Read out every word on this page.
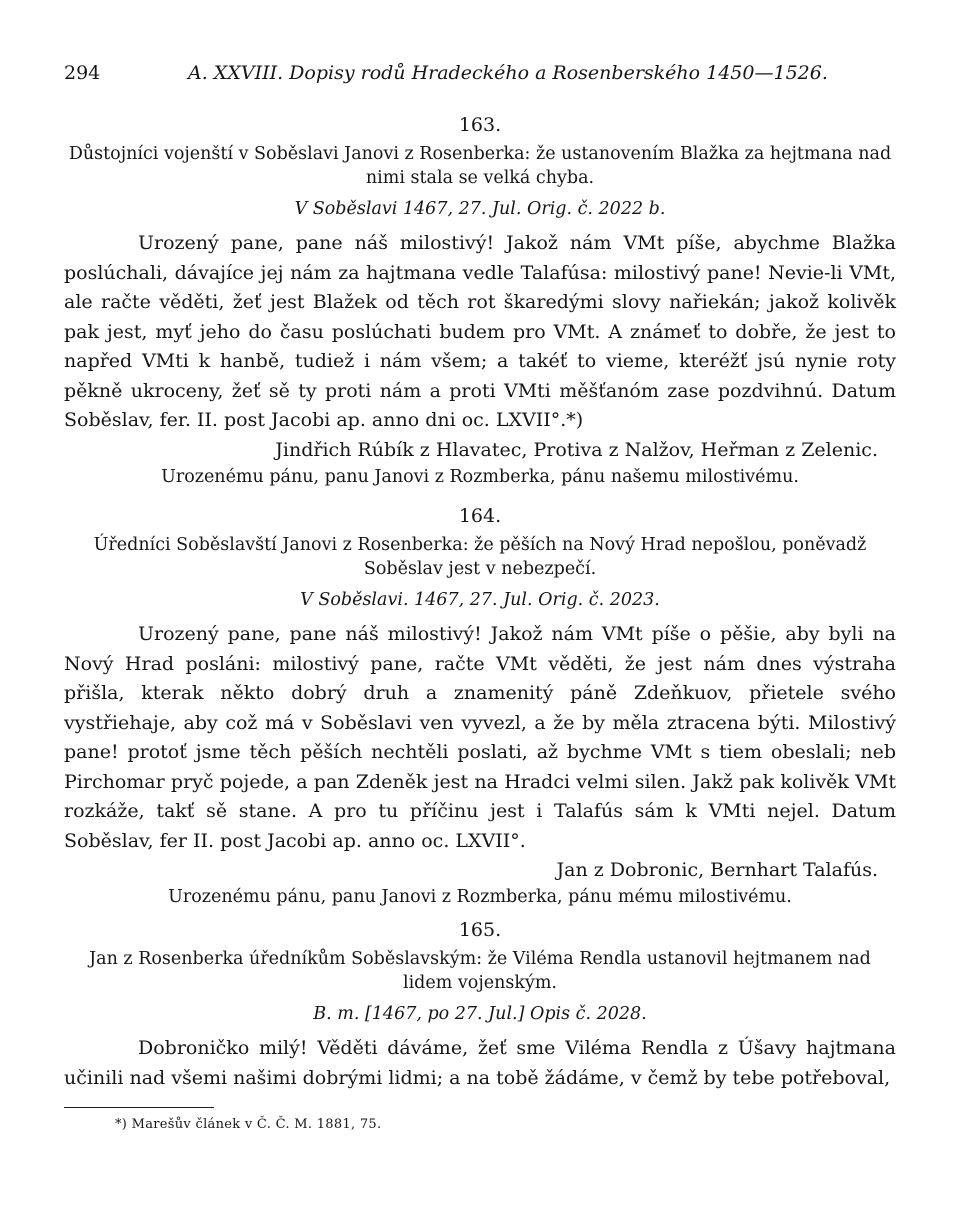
294	A. XXVIII. Dopisy rodů Hradeckého a Rosenberského 1450—1526.
163.
Důstojníci vojenští v Soběslavi Janovi z Rosenberka: že ustanovením Blažka za hejtmana nad nimi stala se velká chyba.
V Soběslavi 1467, 27. Jul. Orig. č. 2022 b.
Urozený pane, pane náš milostivý! Jakož nám VMt píše, abychme Blažka poslúchali, dávajíce jej nám za hajtmana vedle Talafúsa: milostivý pane! Nevie-li VMt, ale račte věděti, žeť jest Blažek od těch rot škaredými slovy nařiekán; jakož kolivěk pak jest, myť jeho do času poslúchati budem pro VMt. A známeť to dobře, že jest to napřed VMti k hanbě, tudiež i nám všem; a takéť to vieme, kteréžť jsú nynie roty pěkně ukroceny, žeť sě ty proti nám a proti VMti měšťanóm zase pozdvihnú. Datum Soběslav, fer. II. post Jacobi ap. anno dni oc. LXVII°.*)
Jindřich Rúbík z Hlavatec, Protiva z Nalžov, Heřman z Zelenic.
Urozenému pánu, panu Janovi z Rozmberka, pánu našemu milostivému.
164.
Úředníci Soběslavští Janovi z Rosenberka: že pěších na Nový Hrad nepošlou, poněvadž Soběslav jest v nebezpečí.
V Soběslavi. 1467, 27. Jul. Orig. č. 2023.
Urozený pane, pane náš milostivý! Jakož nám VMt píše o pěšie, aby byli na Nový Hrad posláni: milostivý pane, račte VMt věděti, že jest nám dnes výstraha přišla, kterak někto dobrý druh a znamenitý páně Zdeňkuov, přietele svého vystřiehaje, aby což má v Soběslavi ven vyvezl, a že by měla ztracena býti. Milostivý pane! protoť jsme těch pěších nechtěli poslati, až bychme VMt s tiem obeslali; neb Pirchomar pryč pojede, a pan Zdeněk jest na Hradci velmi silen. Jakž pak kolivěk VMt rozkáže, takť sě stane. A pro tu příčinu jest i Talafús sám k VMti nejel. Datum Soběslav, fer II. post Jacobi ap. anno oc. LXVII°.
Jan z Dobronic, Bernhart Talafús.
Urozenému pánu, panu Janovi z Rozmberka, pánu mému milostivému.
165.
Jan z Rosenberka úředníkům Soběslavským: že Viléma Rendla ustanovil hejtmanem nad lidem vojenským.
B. m. [1467, po 27. Jul.] Opis č. 2028.
Dobroničko milý! Věděti dáváme, žeť sme Viléma Rendla z Úšavy hajtmana učinili nad všemi našimi dobrými lidmi; a na tobě žádáme, v čemž by tebe potřeboval,
*) Marešův článek v Č. Č. M. 1881, 75.
